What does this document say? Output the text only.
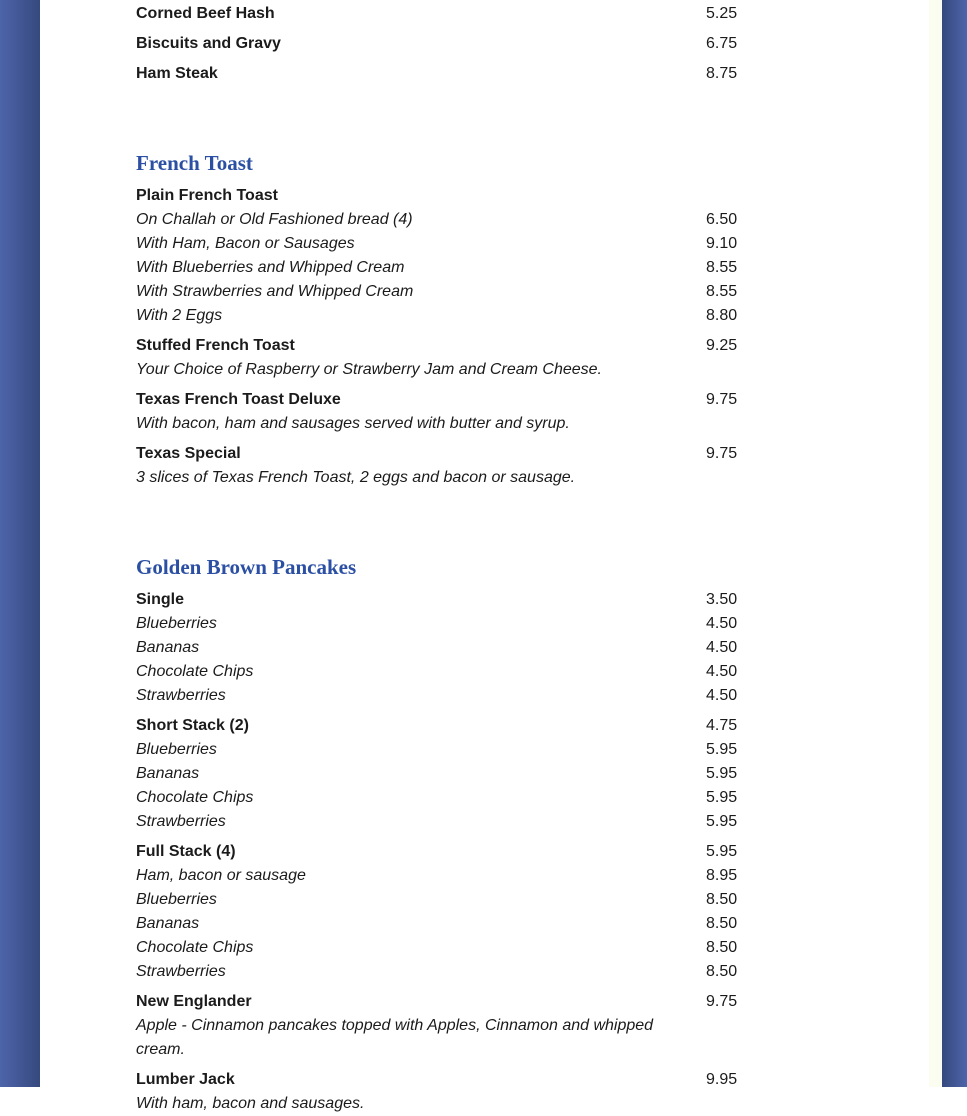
Corned Beef Hash	5.25
Biscuits and Gravy	6.75
Ham Steak	8.75
French Toast
Plain French Toast
On Challah or Old Fashioned bread (4)	6.50
With Ham, Bacon or Sausages	9.10
With Blueberries and Whipped Cream	8.55
With Strawberries and Whipped Cream	8.55
With 2 Eggs	8.80
Stuffed French Toast	9.25
Your Choice of Raspberry or Strawberry Jam and Cream Cheese.
Texas French Toast Deluxe	9.75
With bacon, ham and sausages served with butter and syrup.
Texas Special	9.75
3 slices of Texas French Toast, 2 eggs and bacon or sausage.
Golden Brown Pancakes
Single	3.50
Blueberries	4.50
Bananas	4.50
Chocolate Chips	4.50
Strawberries	4.50
Short Stack (2)	4.75
Blueberries	5.95
Bananas	5.95
Chocolate Chips	5.95
Strawberries	5.95
Full Stack (4)	5.95
Ham, bacon or sausage	8.95
Blueberries	8.50
Bananas	8.50
Chocolate Chips	8.50
Strawberries	8.50
New Englander	9.75
Apple - Cinnamon pancakes topped with Apples, Cinnamon and whipped cream.
Lumber Jack	9.95
With ham, bacon and sausages.
